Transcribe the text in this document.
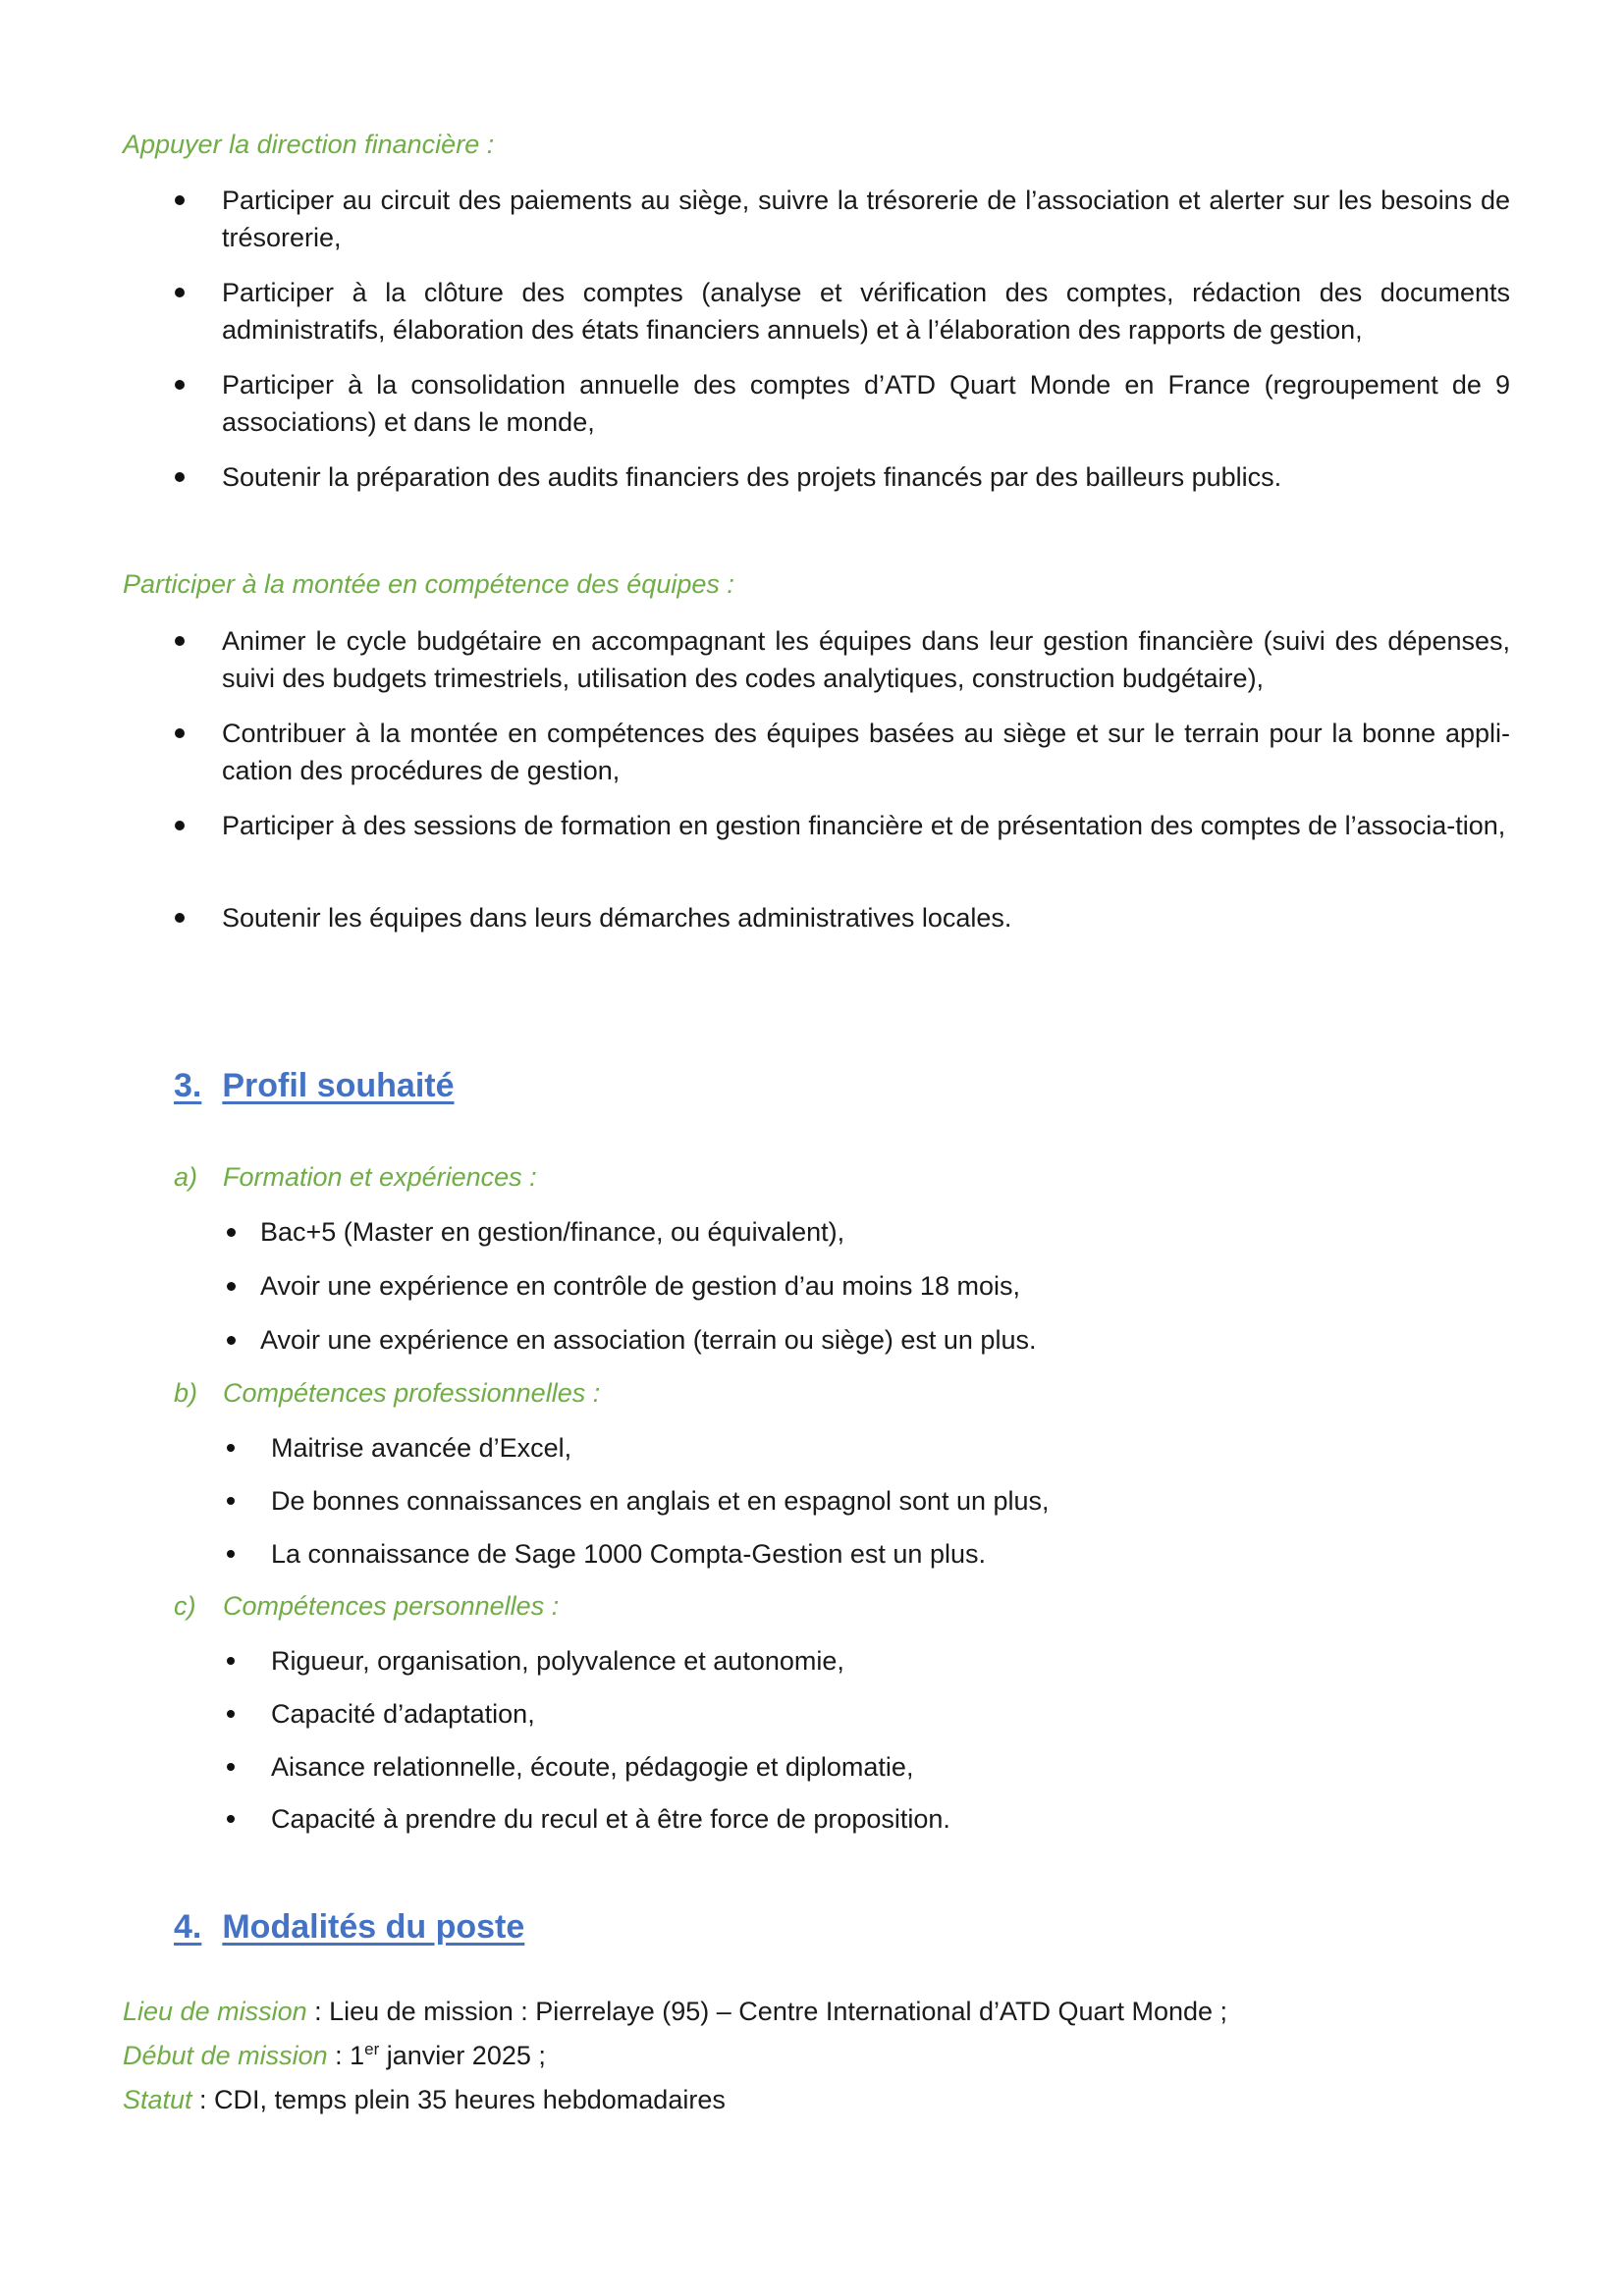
Appuyer la direction financière :

Participer au circuit des paiements au siège, suivre la trésorerie de l’association et alerter sur les besoins de trésorerie,

Participer à la clôture des comptes (analyse et vérification des comptes, rédaction des documents administratifs, élaboration des états financiers annuels) et à l’élaboration des rapports de gestion,

Participer à la consolidation annuelle des comptes d’ATD Quart Monde en France (regroupement de 9 associations) et dans le monde,

Soutenir la préparation des audits financiers des projets financés par des bailleurs publics.

Participer à la montée en compétence des équipes :

Animer le cycle budgétaire en accompagnant les équipes dans leur gestion financière (suivi des dépenses, suivi des budgets trimestriels, utilisation des codes analytiques, construction budgétaire),

Contribuer à la montée en compétences des équipes basées au siège et sur le terrain pour la bonne appli-cation des procédures de gestion,

Participer à des sessions de formation en gestion financière et de présentation des comptes de l’associa-tion,

Soutenir les équipes dans leurs démarches administratives locales.

3. Profil souhaité
a) Formation et expériences :
Bac+5 (Master en gestion/finance, ou équivalent),
Avoir une expérience en contrôle de gestion d’au moins 18 mois,
Avoir une expérience en association (terrain ou siège) est un plus.
b) Compétences professionnelles :
Maitrise avancée d’Excel,
De bonnes connaissances en anglais et en espagnol sont un plus,
La connaissance de Sage 1000 Compta-Gestion est un plus.
c) Compétences personnelles :
Rigueur, organisation, polyvalence et autonomie,
Capacité d’adaptation,
Aisance relationnelle, écoute, pédagogie et diplomatie,
Capacité à prendre du recul et à être force de proposition.
4. Modalités du poste
Lieu de mission : Lieu de mission : Pierrelaye (95) – Centre International d’ATD Quart Monde ;
Début de mission : 1er janvier 2025 ;
Statut : CDI, temps plein 35 heures hebdomadaires
